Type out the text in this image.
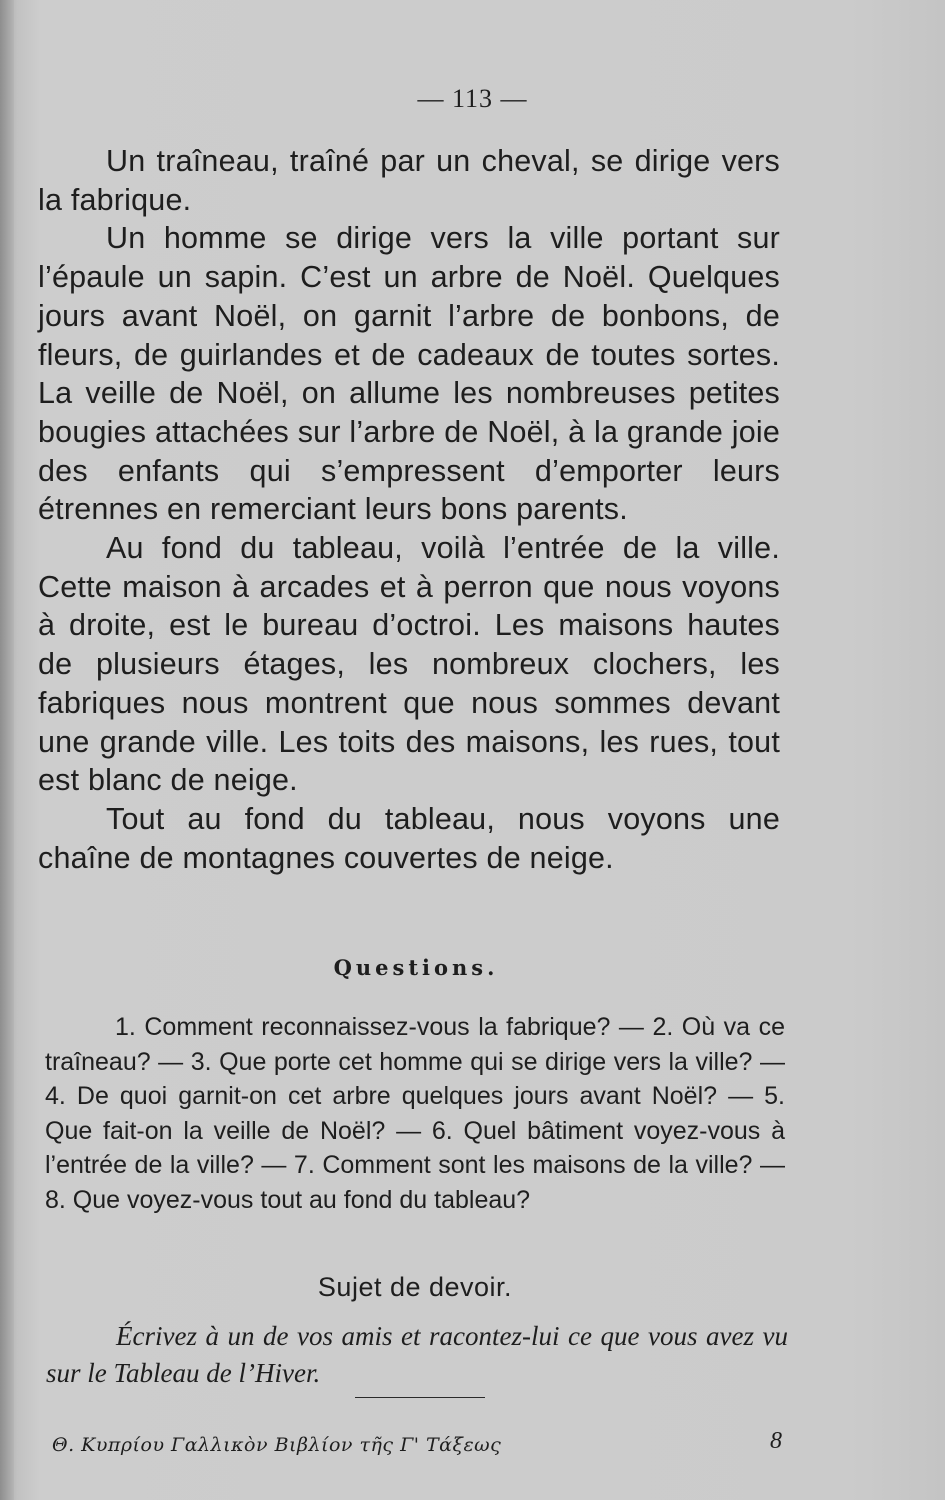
— 113 —

Un traîneau, traîné par un cheval, se dirige vers la fabrique.

Un homme se dirige vers la ville portant sur l’épaule un sapin. C’est un arbre de Noël. Quelques jours avant Noël, on garnit l’arbre de bonbons, de fleurs, de guirlandes et de cadeaux de toutes sortes. La veille de Noël, on allume les nombreuses petites bougies attachées sur l’arbre de Noël, à la grande joie des enfants qui s’empressent d’emporter leurs étrennes en remerciant leurs bons parents.

Au fond du tableau, voilà l’entrée de la ville. Cette maison à arcades et à perron que nous voyons à droite, est le bureau d’octroi. Les maisons hautes de plusieurs étages, les nombreux clochers, les fabriques nous montrent que nous sommes devant une grande ville. Les toits des maisons, les rues, tout est blanc de neige.

Tout au fond du tableau, nous voyons une chaîne de montagnes couvertes de neige.

Questions.

1. Comment reconnaissez-vous la fabrique? — 2. Où va ce traîneau? — 3. Que porte cet homme qui se dirige vers la ville? — 4. De quoi garnit-on cet arbre quelques jours avant Noël? — 5. Que fait-on la veille de Noël? — 6. Quel bâtiment voyez-vous à l’entrée de la ville? — 7. Comment sont les maisons de la ville? — 8. Que voyez-vous tout au fond du tableau?

Sujet de devoir.

Écrivez à un de vos amis et racontez-lui ce que vous avez vu sur le Tableau de l’Hiver.

Θ. Κυπρίου Γαλλικὸν Βιβλίον τῆς Γ' Τάξεως	8
